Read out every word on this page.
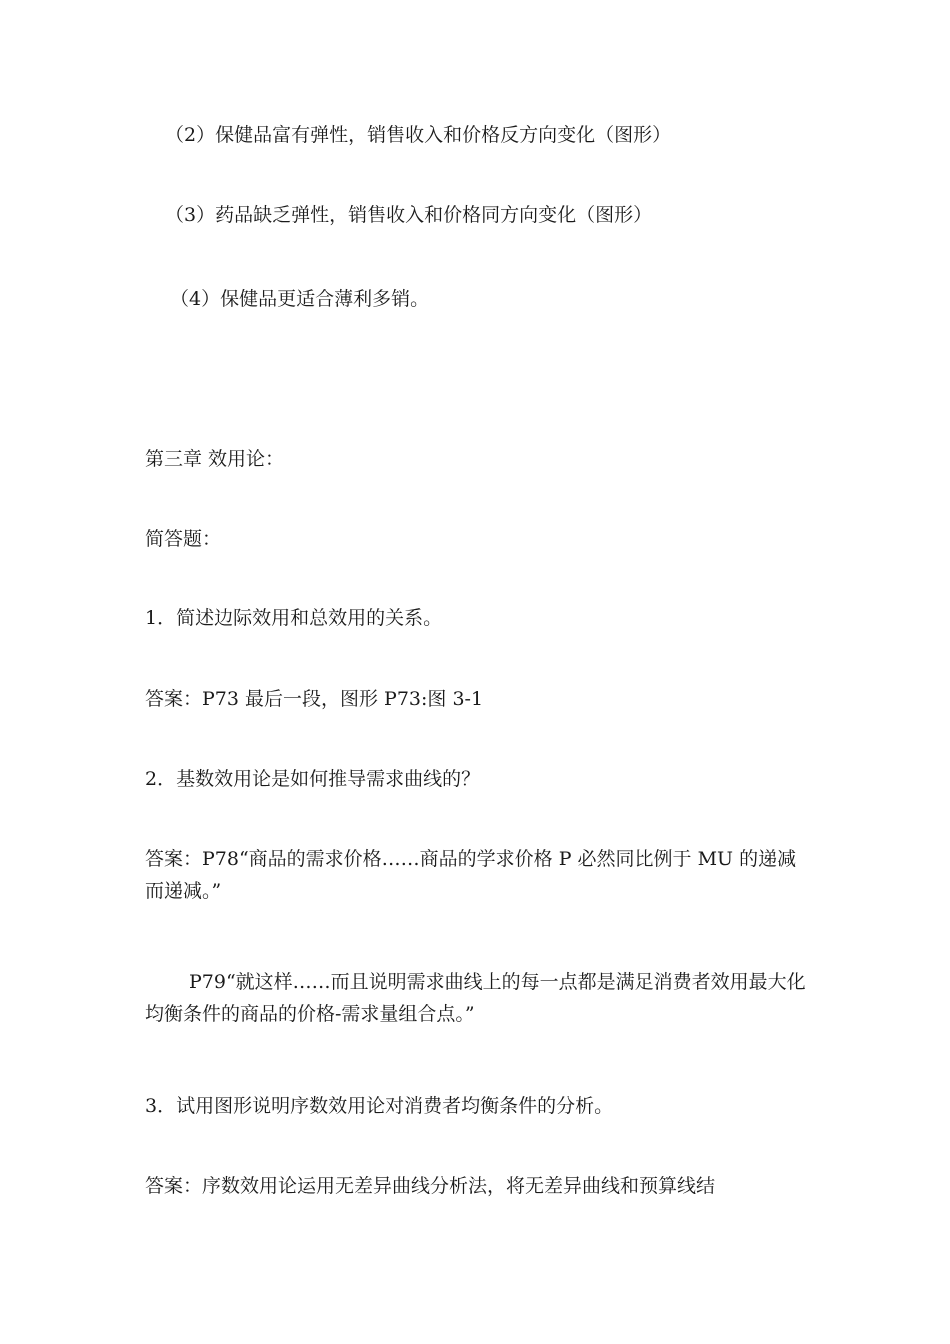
（2）保健品富有弹性，销售收入和价格反方向变化（图形）
（3）药品缺乏弹性，销售收入和价格同方向变化（图形）
（4）保健品更适合薄利多销。
第三章 效用论：
简答题：
1．简述边际效用和总效用的关系。
答案：P73 最后一段，图形 P73:图 3-1
2．基数效用论是如何推导需求曲线的？
答案：P78“商品的需求价格……商品的学求价格 P 必然同比例于 MU 的递减而递减。”
P79“就这样……而且说明需求曲线上的每一点都是满足消费者效用最大化均衡条件的商品的价格-需求量组合点。”
3．试用图形说明序数效用论对消费者均衡条件的分析。
答案：序数效用论运用无差异曲线分析法，将无差异曲线和预算线结
